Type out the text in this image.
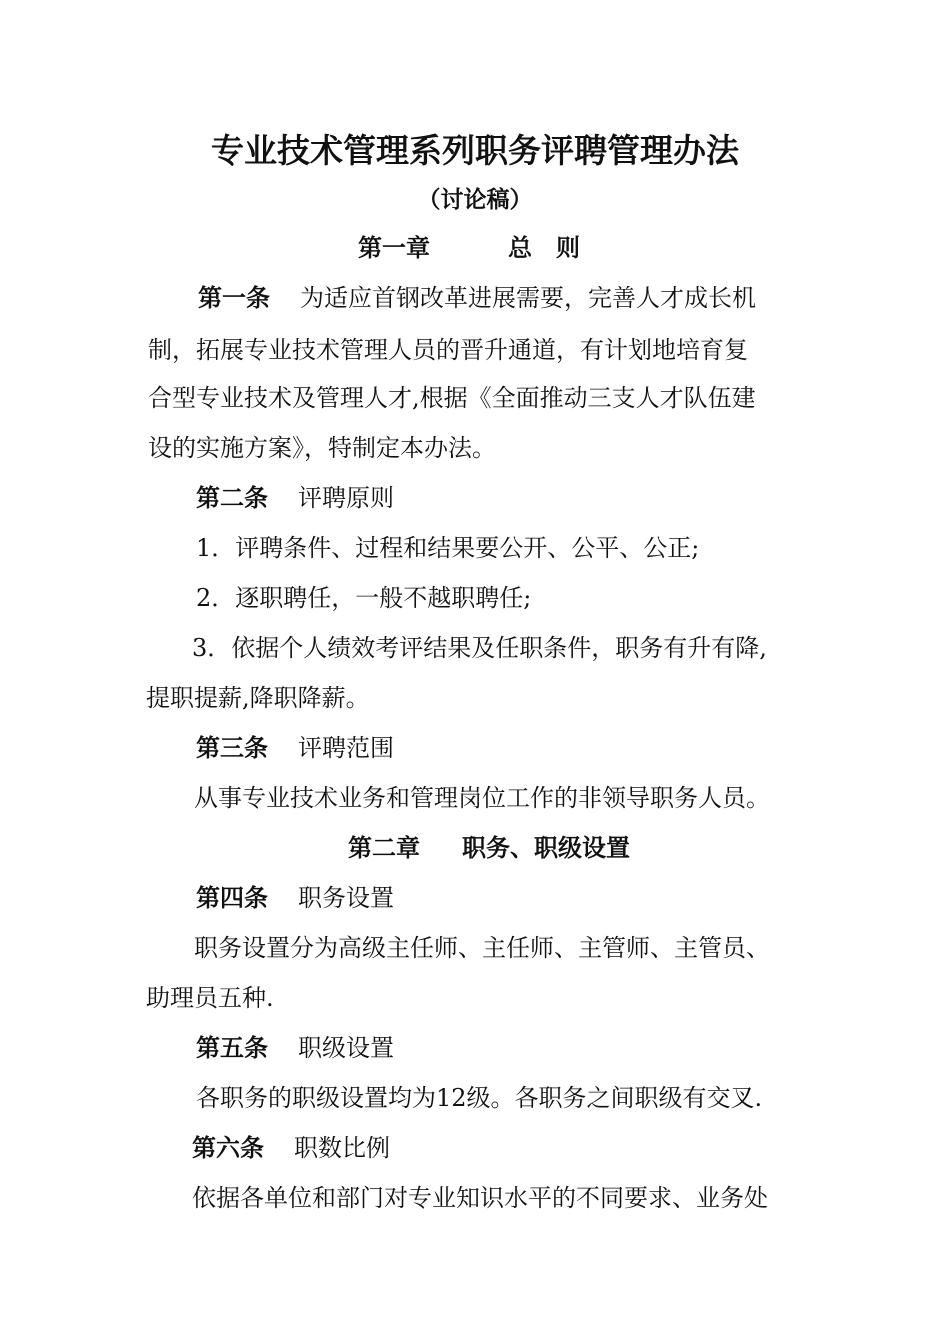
专业技术管理系列职务评聘管理办法
（讨论稿）
第一章	总　则
第一条 为适应首钢改革进展需要，完善人才成长机
制，拓展专业技术管理人员的晋升通道，有计划地培育复
合型专业技术及管理人才,根据《全面推动三支人才队伍建
设的实施方案》，特制定本办法。
第二条 评聘原则
1．评聘条件、过程和结果要公开、公平、公正;
2．逐职聘任，一般不越职聘任;
3．依据个人绩效考评结果及任职条件，职务有升有降,
提职提薪,降职降薪。
第三条 评聘范围
从事专业技术业务和管理岗位工作的非领导职务人员。
第二章 职务、职级设置
第四条 职务设置
职务设置分为高级主任师、主任师、主管师、主管员、
助理员五种.
第五条 职级设置
各职务的职级设置均为12级。各职务之间职级有交叉.
第六条 职数比例
依据各单位和部门对专业知识水平的不同要求、业务处
